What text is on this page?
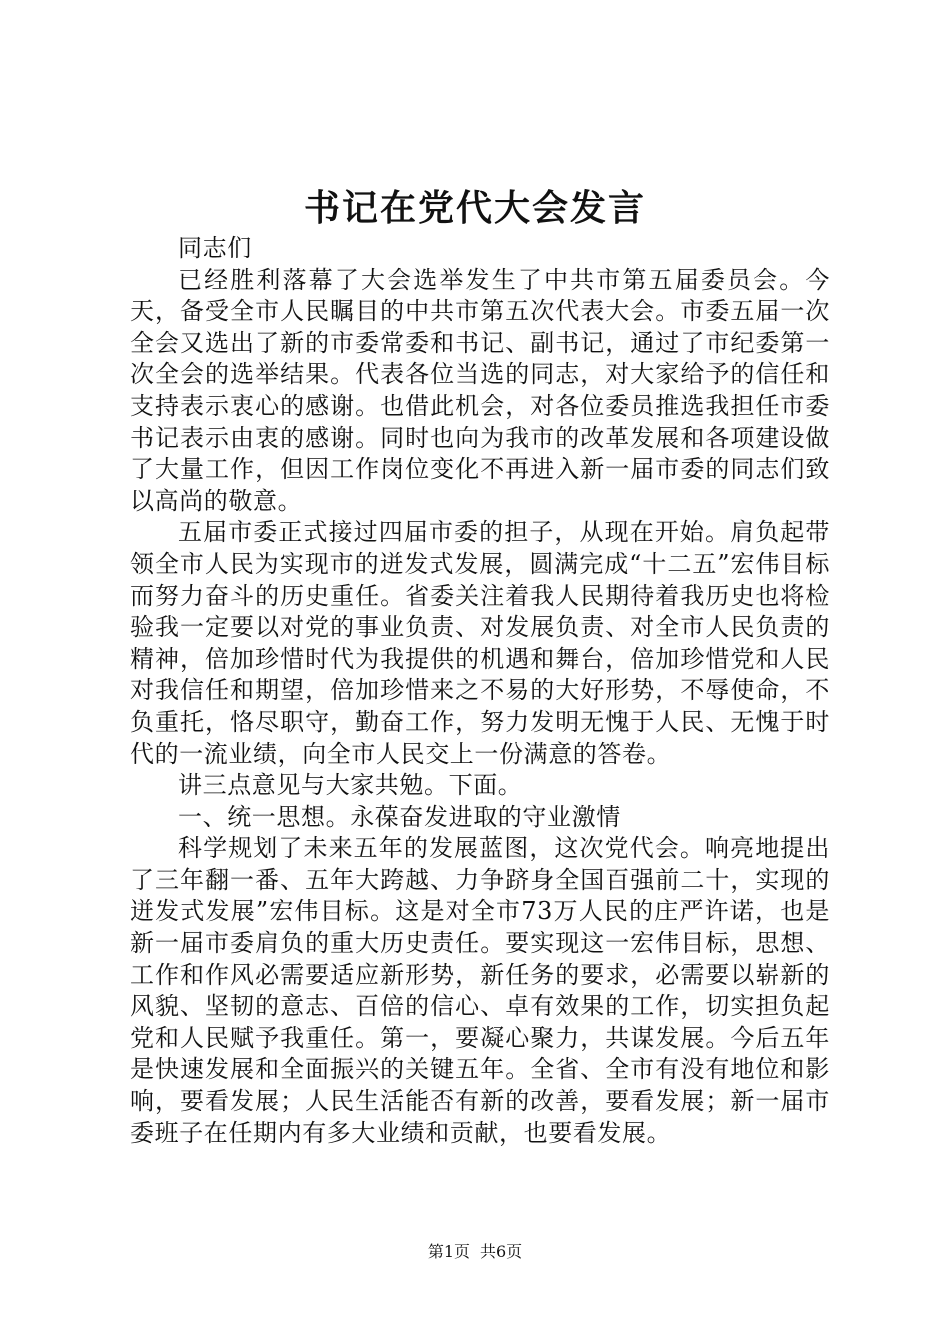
书记在党代大会发言

同志们

已经胜利落幕了大会选举发生了中共市第五届委员会。今天，备受全市人民瞩目的中共市第五次代表大会。市委五届一次全会又选出了新的市委常委和书记、副书记，通过了市纪委第一次全会的选举结果。代表各位当选的同志，对大家给予的信任和支持表示衷心的感谢。也借此机会，对各位委员推选我担任市委书记表示由衷的感谢。同时也向为我市的改革发展和各项建设做了大量工作，但因工作岗位变化不再进入新一届市委的同志们致以高尚的敬意。

五届市委正式接过四届市委的担子，从现在开始。肩负起带领全市人民为实现市的迸发式发展，圆满完成“十二五”宏伟目标而努力奋斗的历史重任。省委关注着我人民期待着我历史也将检验我一定要以对党的事业负责、对发展负责、对全市人民负责的精神，倍加珍惜时代为我提供的机遇和舞台，倍加珍惜党和人民对我信任和期望，倍加珍惜来之不易的大好形势，不辱使命，不负重托，恪尽职守，勤奋工作，努力发明无愧于人民、无愧于时代的一流业绩，向全市人民交上一份满意的答卷。

讲三点意见与大家共勉。下面。

一、统一思想。永葆奋发进取的守业激情

科学规划了未来五年的发展蓝图，这次党代会。响亮地提出了三年翻一番、五年大跨越、力争跻身全国百强前二十，实现的迸发式发展”宏伟目标。这是对全市73万人民的庄严许诺，也是新一届市委肩负的重大历史责任。要实现这一宏伟目标，思想、工作和作风必需要适应新形势，新任务的要求，必需要以崭新的风貌、坚韧的意志、百倍的信心、卓有效果的工作，切实担负起党和人民赋予我重任。第一，要凝心聚力，共谋发展。今后五年是快速发展和全面振兴的关键五年。全省、全市有没有地位和影响，要看发展；人民生活能否有新的改善，要看发展；新一届市委班子在任期内有多大业绩和贡献，也要看发展。

第1页 共6页
